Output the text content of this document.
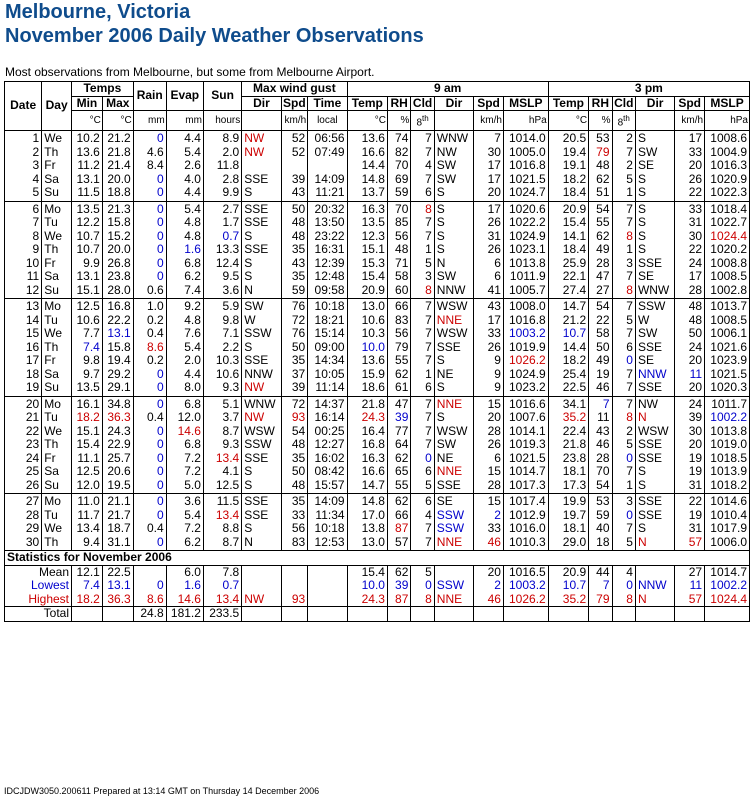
Melbourne, Victoria
November 2006 Daily Weather Observations
Most observations from Melbourne, but some from Melbourne Airport.
Date	Day	Temps		Rain	Evap	Sun	Max wind gust			9 am						3 pm					
		Min	Max				Dir	Spd	Time	Temp	RH	Cld	Dir	Spd	MSLP	Temp	RH	Cld	Dir	Spd	MSLP
		°C	°C	mm	mm	hours		km/h	local	°C	%	8th		km/h	hPa	°C	%	8th		km/h	hPa
1	We	10.2	21.2	0	4.4	8.9	NW	52	06:56	13.6	74	7	WNW	7	1014.0	20.5	53	2	S	17	1008.6
2	Th	13.6	21.8	4.6	5.4	2.0	NW	52	07:49	16.6	82	7	NW	30	1005.0	19.4	79	7	SW	33	1004.9
3	Fr	11.2	21.4	8.4	2.6	11.8				14.4	70	4	SW	17	1016.8	19.1	48	2	SE	20	1016.3
4	Sa	13.1	20.0	0	4.0	2.8	SSE	39	14:09	14.8	69	7	SW	17	1021.5	18.2	62	5	S	26	1020.9
5	Su	11.5	18.8	0	4.4	9.9	S	43	11:21	13.7	59	6	S	20	1024.7	18.4	51	1	S	22	1022.3
6	Mo	13.5	21.3	0	5.4	2.7	SSE	50	20:32	16.3	70	8	S	17	1020.6	20.9	54	7	S	33	1018.4
7	Tu	12.2	15.8	0	4.8	1.7	SSE	48	13:50	13.5	85	7	S	26	1022.2	15.4	55	7	S	31	1022.7
8	We	10.7	15.2	0	4.8	0.7	S	48	23:22	12.3	56	7	S	31	1024.9	14.1	62	8	S	30	1024.4
9	Th	10.7	20.0	0	1.6	13.3	SSE	35	16:31	15.1	48	1	S	26	1023.1	18.4	49	1	S	22	1020.2
10	Fr	9.9	26.8	0	6.8	12.4	S	43	12:39	15.3	71	5	N	6	1013.8	25.9	28	3	SSE	24	1008.8
11	Sa	13.1	23.8	0	6.2	9.5	S	35	12:48	15.4	58	3	SW	6	1011.9	22.1	47	7	SE	17	1008.5
12	Su	15.1	28.0	0.6	7.4	3.6	N	59	09:58	20.9	60	8	NNW	41	1005.7	27.4	27	8	WNW	28	1002.8
13	Mo	12.5	16.8	1.0	9.2	5.9	SW	76	10:18	13.0	66	7	WSW	43	1008.0	14.7	54	7	SSW	48	1013.7
14	Tu	10.6	22.2	0.2	4.8	9.8	W	72	18:21	10.6	83	7	NNE	17	1016.8	21.2	22	5	W	48	1008.5
15	We	7.7	13.1	0.4	7.6	7.1	SSW	76	15:14	10.3	56	7	WSW	33	1003.2	10.7	58	7	SW	50	1006.1
16	Th	7.4	15.8	8.6	5.4	2.2	S	50	09:00	10.0	79	7	SSE	26	1019.9	14.4	50	6	SSE	24	1021.6
17	Fr	9.8	19.4	0.2	2.0	10.3	SSE	35	14:34	13.6	55	7	S	9	1026.2	18.2	49	0	SE	20	1023.9
18	Sa	9.7	29.2	0	4.4	10.6	NNW	37	10:05	15.9	62	1	NE	9	1024.9	25.4	19	7	NNW	11	1021.5
19	Su	13.5	29.1	0	8.0	9.3	NW	39	11:14	18.6	61	6	S	9	1023.2	22.5	46	7	SSE	20	1020.3
20	Mo	16.1	34.8	0	6.8	5.1	WNW	72	14:37	21.8	47	7	NNE	15	1016.6	34.1	7	7	NW	24	1011.7
21	Tu	18.2	36.3	0.4	12.0	3.7	NW	93	16:14	24.3	39	7	S	20	1007.6	35.2	11	8	N	39	1002.2
22	We	15.1	24.3	0	14.6	8.7	WSW	54	00:25	16.4	77	7	WSW	28	1014.1	22.4	43	2	WSW	30	1013.8
23	Th	15.4	22.9	0	6.8	9.3	SSW	48	12:27	16.8	64	7	SW	26	1019.3	21.8	46	5	SSE	20	1019.0
24	Fr	11.1	25.7	0	7.2	13.4	SSE	35	16:02	16.3	62	0	NE	6	1021.5	23.8	28	0	SSE	19	1018.5
25	Sa	12.5	20.6	0	7.2	4.1	S	50	08:42	16.6	65	6	NNE	15	1014.7	18.1	70	7	S	19	1013.9
26	Su	12.0	19.5	0	5.0	12.5	S	48	15:57	14.7	55	5	SSE	28	1017.3	17.3	54	1	S	31	1018.2
27	Mo	11.0	21.1	0	3.6	11.5	SSE	35	14:09	14.8	62	6	SE	15	1017.4	19.9	53	3	SSE	22	1014.6
28	Tu	11.7	21.7	0	5.4	13.4	SSE	33	11:34	17.0	66	4	SSW	2	1012.9	19.7	59	0	SSE	19	1010.4
29	We	13.4	18.7	0.4	7.2	8.8	S	56	10:18	13.8	87	7	SSW	33	1016.0	18.1	40	7	S	31	1017.9
30	Th	9.4	31.1	0	6.2	8.7	N	83	12:53	13.0	57	7	NNE	46	1010.3	29.0	18	5	N	57	1006.0
Statistics for November 2006																					
Mean		12.1	22.5		6.0	7.8				15.4	62	5		20	1016.5	20.9	44	4		27	1014.7
Lowest		7.4	13.1	0	1.6	0.7				10.0	39	0	SSW	2	1003.2	10.7	7	0	NNW	11	1002.2
Highest		18.2	36.3	8.6	14.6	13.4	NW	93		24.3	87	8	NNE	46	1026.2	35.2	79	8	N	57	1024.4
Total				24.8	181.2	233.5															
IDCJDW3050.200611 Prepared at 13:14 GMT on Thursday 14 December 2006
